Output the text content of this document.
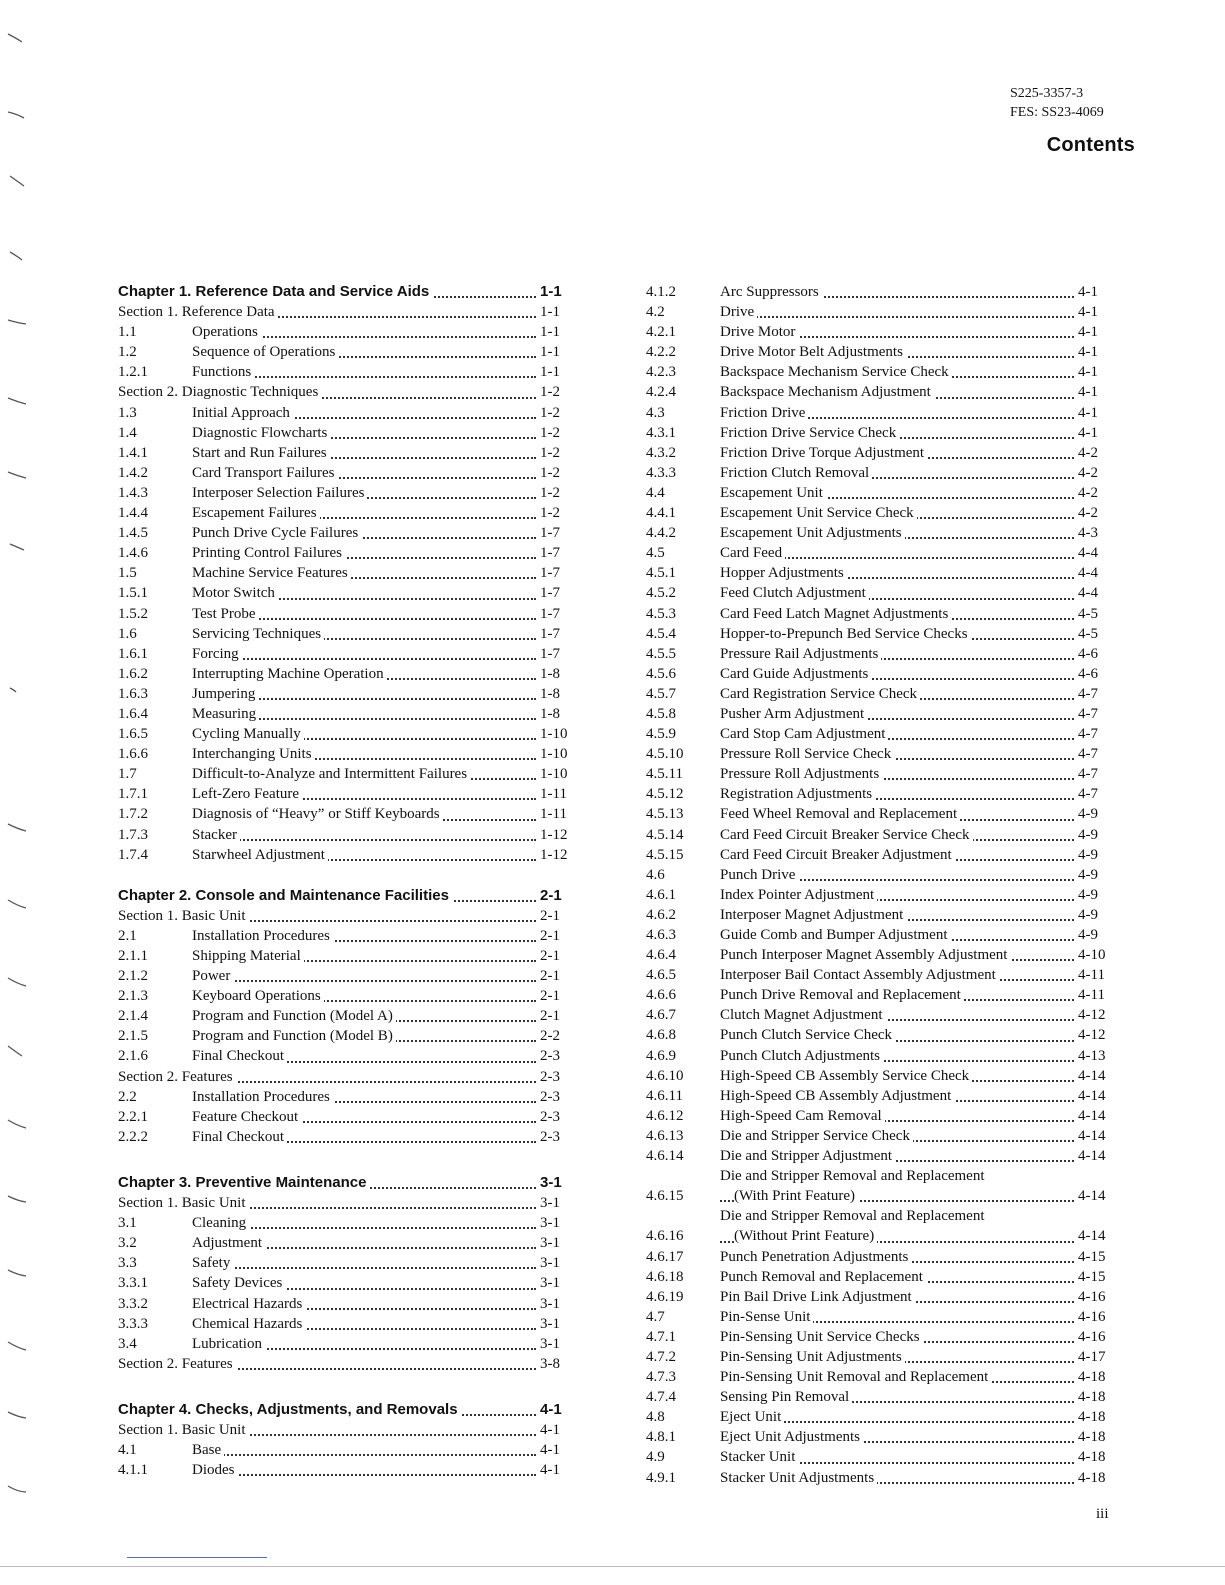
S225-3357-3
FES: SS23-4069
Contents
Chapter 1. Reference Data and Service Aids	1-1
Section 1. Reference Data	1-1
1.1	Operations	1-1
1.2	Sequence of Operations	1-1
1.2.1	Functions	1-1
Section 2. Diagnostic Techniques	1-2
1.3	Initial Approach	1-2
1.4	Diagnostic Flowcharts	1-2
1.4.1	Start and Run Failures	1-2
1.4.2	Card Transport Failures	1-2
1.4.3	Interposer Selection Failures	1-2
1.4.4	Escapement Failures	1-2
1.4.5	Punch Drive Cycle Failures	1-7
1.4.6	Printing Control Failures	1-7
1.5	Machine Service Features	1-7
1.5.1	Motor Switch	1-7
1.5.2	Test Probe	1-7
1.6	Servicing Techniques	1-7
1.6.1	Forcing	1-7
1.6.2	Interrupting Machine Operation	1-8
1.6.3	Jumpering	1-8
1.6.4	Measuring	1-8
1.6.5	Cycling Manually	1-10
1.6.6	Interchanging Units	1-10
1.7	Difficult-to-Analyze and Intermittent Failures	1-10
1.7.1	Left-Zero Feature	1-11
1.7.2	Diagnosis of “Heavy” or Stiff Keyboards	1-11
1.7.3	Stacker	1-12
1.7.4	Starwheel Adjustment	1-12
Chapter 2. Console and Maintenance Facilities	2-1
Section 1. Basic Unit	2-1
2.1	Installation Procedures	2-1
2.1.1	Shipping Material	2-1
2.1.2	Power	2-1
2.1.3	Keyboard Operations	2-1
2.1.4	Program and Function (Model A)	2-1
2.1.5	Program and Function (Model B)	2-2
2.1.6	Final Checkout	2-3
Section 2. Features	2-3
2.2	Installation Procedures	2-3
2.2.1	Feature Checkout	2-3
2.2.2	Final Checkout	2-3
Chapter 3. Preventive Maintenance	3-1
Section 1. Basic Unit	3-1
3.1	Cleaning	3-1
3.2	Adjustment	3-1
3.3	Safety	3-1
3.3.1	Safety Devices	3-1
3.3.2	Electrical Hazards	3-1
3.3.3	Chemical Hazards	3-1
3.4	Lubrication	3-1
Section 2. Features	3-8
Chapter 4. Checks, Adjustments, and Removals	4-1
Section 1. Basic Unit	4-1
4.1	Base	4-1
4.1.1	Diodes	4-1
4.1.2	Arc Suppressors	4-1
4.2	Drive	4-1
4.2.1	Drive Motor	4-1
4.2.2	Drive Motor Belt Adjustments	4-1
4.2.3	Backspace Mechanism Service Check	4-1
4.2.4	Backspace Mechanism Adjustment	4-1
4.3	Friction Drive	4-1
4.3.1	Friction Drive Service Check	4-1
4.3.2	Friction Drive Torque Adjustment	4-2
4.3.3	Friction Clutch Removal	4-2
4.4	Escapement Unit	4-2
4.4.1	Escapement Unit Service Check	4-2
4.4.2	Escapement Unit Adjustments	4-3
4.5	Card Feed	4-4
4.5.1	Hopper Adjustments	4-4
4.5.2	Feed Clutch Adjustment	4-4
4.5.3	Card Feed Latch Magnet Adjustments	4-5
4.5.4	Hopper-to-Prepunch Bed Service Checks	4-5
4.5.5	Pressure Rail Adjustments	4-6
4.5.6	Card Guide Adjustments	4-6
4.5.7	Card Registration Service Check	4-7
4.5.8	Pusher Arm Adjustment	4-7
4.5.9	Card Stop Cam Adjustment	4-7
4.5.10	Pressure Roll Service Check	4-7
4.5.11	Pressure Roll Adjustments	4-7
4.5.12	Registration Adjustments	4-7
4.5.13	Feed Wheel Removal and Replacement	4-9
4.5.14	Card Feed Circuit Breaker Service Check	4-9
4.5.15	Card Feed Circuit Breaker Adjustment	4-9
4.6	Punch Drive	4-9
4.6.1	Index Pointer Adjustment	4-9
4.6.2	Interposer Magnet Adjustment	4-9
4.6.3	Guide Comb and Bumper Adjustment	4-9
4.6.4	Punch Interposer Magnet Assembly Adjustment	4-10
4.6.5	Interposer Bail Contact Assembly Adjustment	4-11
4.6.6	Punch Drive Removal and Replacement	4-11
4.6.7	Clutch Magnet Adjustment	4-12
4.6.8	Punch Clutch Service Check	4-12
4.6.9	Punch Clutch Adjustments	4-13
4.6.10	High-Speed CB Assembly Service Check	4-14
4.6.11	High-Speed CB Assembly Adjustment	4-14
4.6.12	High-Speed Cam Removal	4-14
4.6.13	Die and Stripper Service Check	4-14
4.6.14	Die and Stripper Adjustment	4-14
4.6.15
Die and Stripper Removal and Replacement
(With Print Feature)	4-14
4.6.16
Die and Stripper Removal and Replacement
(Without Print Feature)	4-14
4.6.17	Punch Penetration Adjustments	4-15
4.6.18	Punch Removal and Replacement	4-15
4.6.19	Pin Bail Drive Link Adjustment	4-16
4.7	Pin-Sense Unit	4-16
4.7.1	Pin-Sensing Unit Service Checks	4-16
4.7.2	Pin-Sensing Unit Adjustments	4-17
4.7.3	Pin-Sensing Unit Removal and Replacement	4-18
4.7.4	Sensing Pin Removal	4-18
4.8	Eject Unit	4-18
4.8.1	Eject Unit Adjustments	4-18
4.9	Stacker Unit	4-18
4.9.1	Stacker Unit Adjustments	4-18
iii
